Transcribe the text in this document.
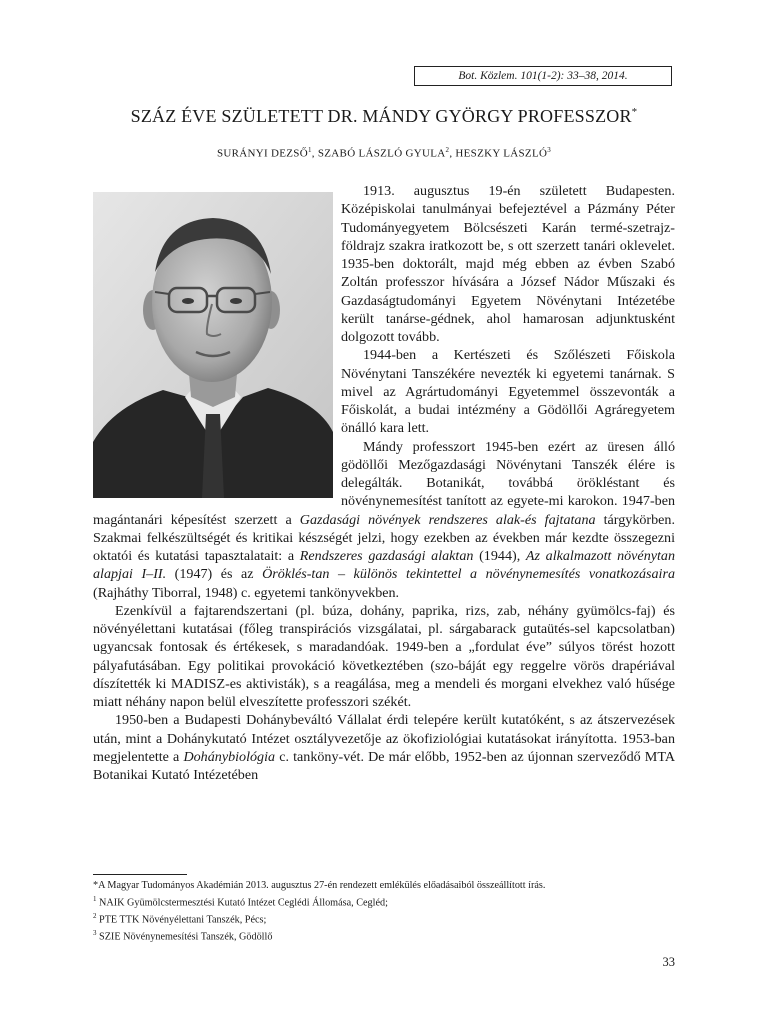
Bot. Közlem. 101(1-2): 33–38, 2014.
SZÁZ ÉVE SZÜLETETT DR. MÁNDY GYÖRGY PROFESSZOR*
SURÁNYI DEZSŐ$^1$, SZABÓ LÁSZLÓ GYULA$^2$, HESZKY LÁSZLÓ$^3$

1913. augusztus 19-én született Budapesten. Középiskolai tanulmányai befejeztével a Pázmány Péter Tudományegyetem Bölcsészeti Karán termé-szetrajz-földrajz szakra iratkozott be, s ott szerzett tanári oklevelet. 1935-ben doktorált, majd még ebben az évben Szabó Zoltán professzor hívására a József Nádor Műszaki és Gazdaságtudományi Egyetem Növénytani Intézetébe került tanárse-gédnek, ahol hamarosan adjunktusként dolgozott tovább.

1944-ben a Kertészeti és Szőlészeti Főiskola Növénytani Tanszékére nevezték ki egyetemi tanárnak. S mivel az Agrártudományi Egyetemmel összevonták a Főiskolát, a budai intézmény a Gödöllői Agráregyetem önálló kara lett.

Mándy professzort 1945-ben ezért az üresen álló gödöllői Mezőgazdasági Növénytani Tanszék élére is delegálták. Botanikát, továbbá örökléstant és növénynemesítést tanított az egyete-mi karokon. 1947-ben magántanári képesítést szerzett a Gazdasági növények rendszeres alak-és fajtatana tárgykörben. Szakmai felkészültségét és kritikai készségét jelzi, hogy ezekben az években már kezdte összegezni oktatói és kutatási tapasztalatait: a Rendszeres gazdasági alaktan (1944), Az alkalmazott növénytan alapjai I–II. (1947) és az Öröklés-tan – különös tekintettel a növénynemesítés vonatkozásaira (Rajháthy Tiborral, 1948) c. egyetemi tankönyvekben.

Ezenkívül a fajtarendszertani (pl. búza, dohány, paprika, rizs, zab, néhány gyümölcs-faj) és növényélettani kutatásai (főleg transpirációs vizsgálatai, pl. sárgabarack gutaütés-sel kapcsolatban) ugyancsak fontosak és értékesek, s maradandóak. 1949-ben a „fordulat éve” súlyos törést hozott pályafutásában. Egy politikai provokáció következtében (szo-báját egy reggelre vörös drapériával díszítették ki MADISZ-es aktivisták), s a reagálása, meg a mendeli és morgani elvekhez való hűsége miatt néhány napon belül elveszítette professzori székét.

1950-ben a Budapesti Dohánybeváltó Vállalat érdi telepére került kutatóként, s az átszervezések után, mint a Dohánykutató Intézet osztályvezetője az ökofiziológiai kutatásokat irányította. 1953-ban megjelentette a Dohánybiológia c. tanköny-vét. De már előbb, 1952-ben az újonnan szerveződő MTA Botanikai Kutató Intézetében

*A Magyar Tudományos Akadémián 2013. augusztus 27-én rendezett emlékülés előadásaiból összeállított írás.
$^1$ NAIK Gyümölcstermesztési Kutató Intézet Ceglédi Állomása, Cegléd;
$^2$ PTE TTK Növényélettani Tanszék, Pécs;
$^3$ SZIE Növénynemesítési Tanszék, Gödöllő
33
